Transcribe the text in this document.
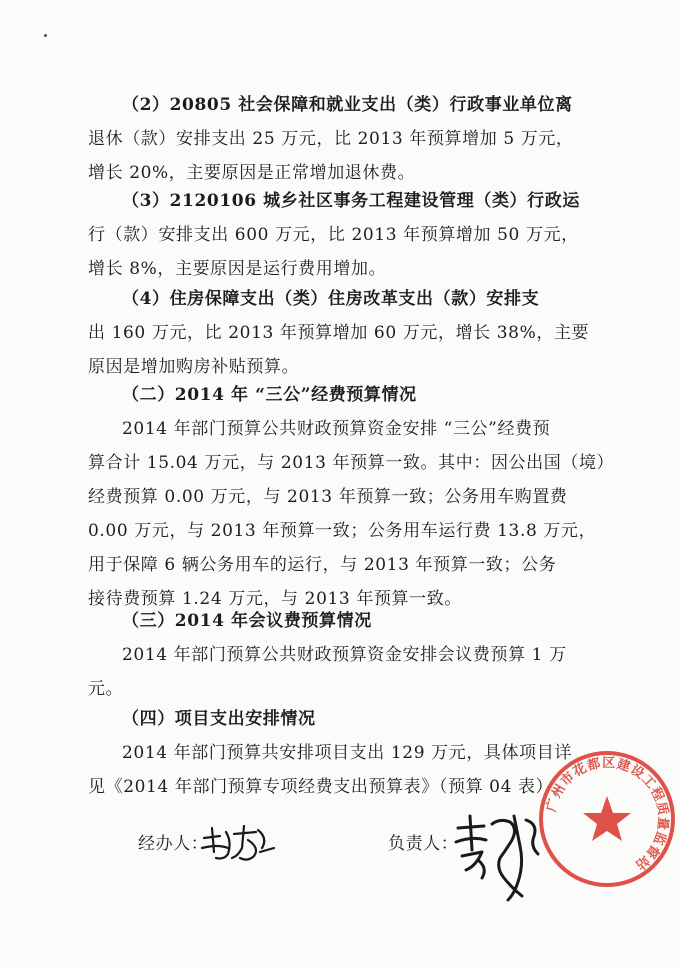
（2）20805 社会保障和就业支出（类）行政事业单位离
退休（款）安排支出 25 万元，比 2013 年预算增加 5 万元，
增长 20%，主要原因是正常增加退休费。
（3）2120106 城乡社区事务工程建设管理（类）行政运
行（款）安排支出 600 万元，比 2013 年预算增加 50 万元，
增长 8%，主要原因是运行费用增加。
（4）住房保障支出（类）住房改革支出（款）安排支
出 160 万元，比 2013 年预算增加 60 万元，增长 38%，主要
原因是增加购房补贴预算。
（二）2014 年 “三公”经费预算情况
2014 年部门预算公共财政预算资金安排 “三公”经费预
算合计 15.04 万元，与 2013 年预算一致。其中：因公出国（境）
经费预算 0.00 万元，与 2013 年预算一致；公务用车购置费
0.00 万元，与 2013 年预算一致；公务用车运行费 13.8 万元，
用于保障 6 辆公务用车的运行，与 2013 年预算一致；公务
接待费预算 1.24 万元，与 2013 年预算一致。
（三）2014 年会议费预算情况
2014 年部门预算公共财政预算资金安排会议费预算 1 万
元。
（四）项目支出安排情况
2014 年部门预算共安排项目支出 129 万元，具体项目详
见《2014 年部门预算专项经费支出预算表》（预算 04 表）
经办人：	负责人：
广州市花都区建设工程质量监督站
